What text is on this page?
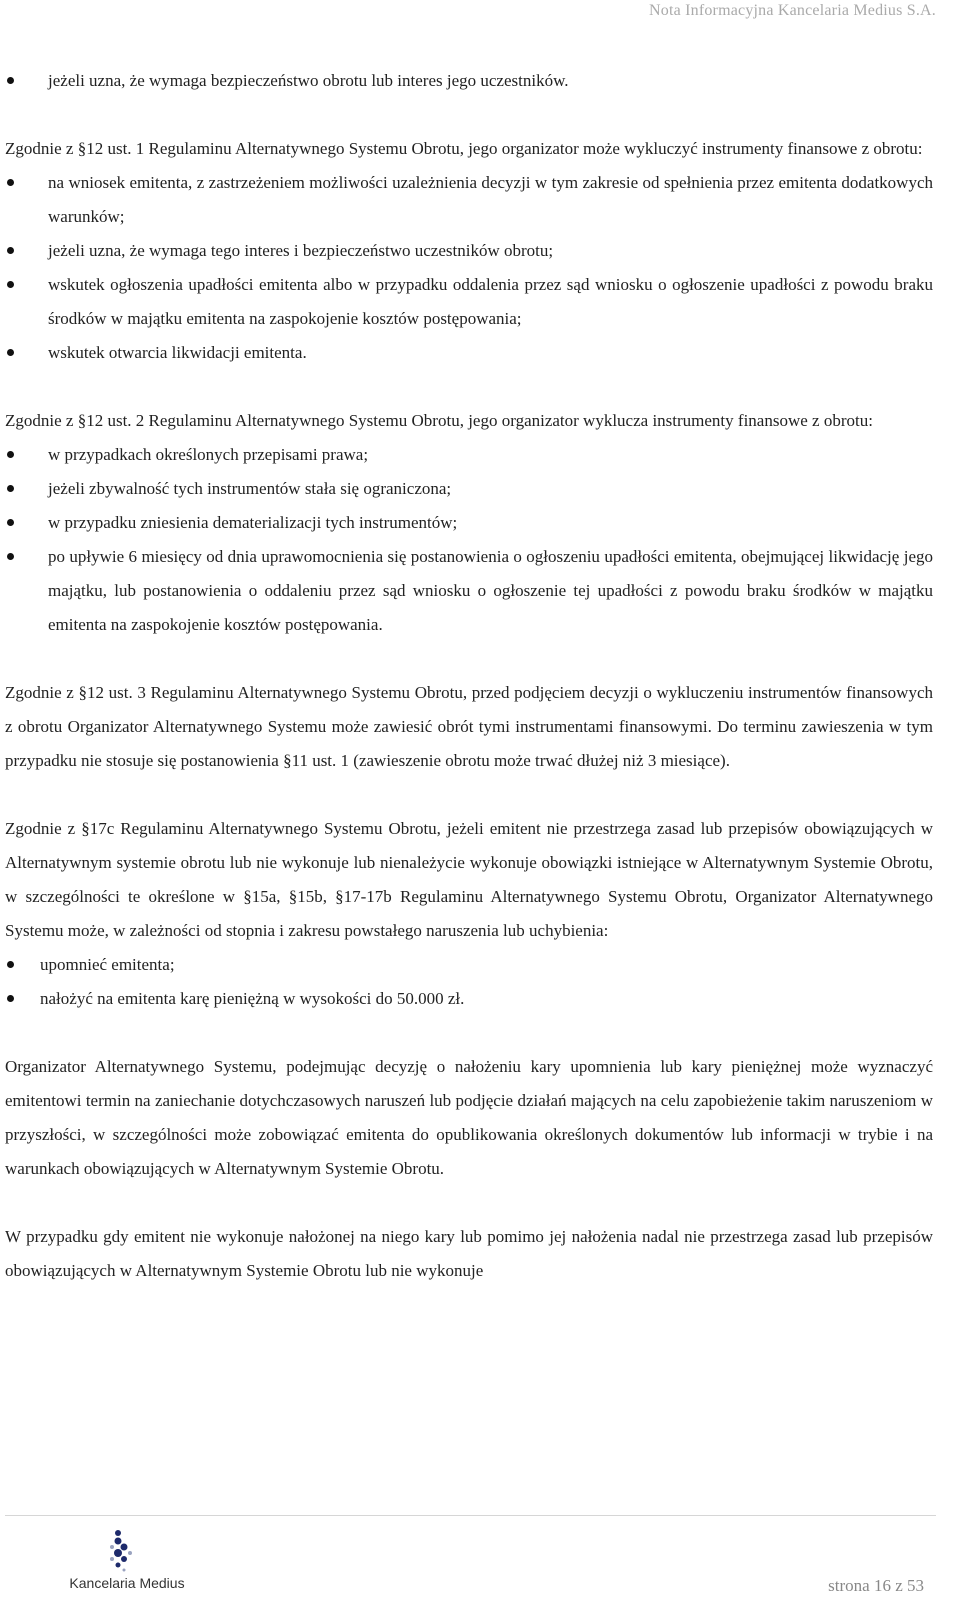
Nota Informacyjna Kancelaria Medius S.A.
jeżeli uzna, że wymaga bezpieczeństwo obrotu lub interes jego uczestników.

Zgodnie z §12 ust. 1 Regulaminu Alternatywnego Systemu Obrotu, jego organizator może wykluczyć instrumenty finansowe z obrotu:

na wniosek emitenta, z zastrzeżeniem możliwości uzależnienia decyzji w tym zakresie od spełnienia przez emitenta dodatkowych warunków;
jeżeli uzna, że wymaga tego interes i bezpieczeństwo uczestników obrotu;
wskutek ogłoszenia upadłości emitenta albo w przypadku oddalenia przez sąd wniosku o ogłoszenie upadłości z powodu braku środków w majątku emitenta na zaspokojenie kosztów postępowania;
wskutek otwarcia likwidacji emitenta.

Zgodnie z §12 ust. 2 Regulaminu Alternatywnego Systemu Obrotu, jego organizator wyklucza instrumenty finansowe z obrotu:

w przypadkach określonych przepisami prawa;
jeżeli zbywalność tych instrumentów stała się ograniczona;
w przypadku zniesienia dematerializacji tych instrumentów;
po upływie 6 miesięcy od dnia uprawomocnienia się postanowienia o ogłoszeniu upadłości emitenta, obejmującej likwidację jego majątku, lub postanowienia o oddaleniu przez sąd wniosku o ogłoszenie tej upadłości z powodu braku środków w majątku emitenta na zaspokojenie kosztów postępowania.

Zgodnie z §12 ust. 3 Regulaminu Alternatywnego Systemu Obrotu, przed podjęciem decyzji o wykluczeniu instrumentów finansowych z obrotu Organizator Alternatywnego Systemu może zawiesić obrót tymi instrumentami finansowymi. Do terminu zawieszenia w tym przypadku nie stosuje się postanowienia §11 ust. 1 (zawieszenie obrotu może trwać dłużej niż 3 miesiące).

Zgodnie z §17c Regulaminu Alternatywnego Systemu Obrotu, jeżeli emitent nie przestrzega zasad lub przepisów obowiązujących w Alternatywnym systemie obrotu lub nie wykonuje lub nienależycie wykonuje obowiązki istniejące w Alternatywnym Systemie Obrotu, w szczególności te określone w §15a, §15b, §17-17b Regulaminu Alternatywnego Systemu Obrotu, Organizator Alternatywnego Systemu może, w zależności od stopnia i zakresu powstałego naruszenia lub uchybienia:

upomnieć emitenta;
nałożyć na emitenta karę pieniężną w wysokości do 50.000 zł.

Organizator Alternatywnego Systemu, podejmując decyzję o nałożeniu kary upomnienia lub kary pieniężnej może wyznaczyć emitentowi termin na zaniechanie dotychczasowych naruszeń lub podjęcie działań mających na celu zapobieżenie takim naruszeniom w przyszłości, w szczególności może zobowiązać emitenta do opublikowania określonych dokumentów lub informacji w trybie i na warunkach obowiązujących w Alternatywnym Systemie Obrotu.

W przypadku gdy emitent nie wykonuje nałożonej na niego kary lub pomimo jej nałożenia nadal nie przestrzega zasad lub przepisów obowiązujących w Alternatywnym Systemie Obrotu lub nie wykonuje

Kancelaria Medius	strona 16 z 53
